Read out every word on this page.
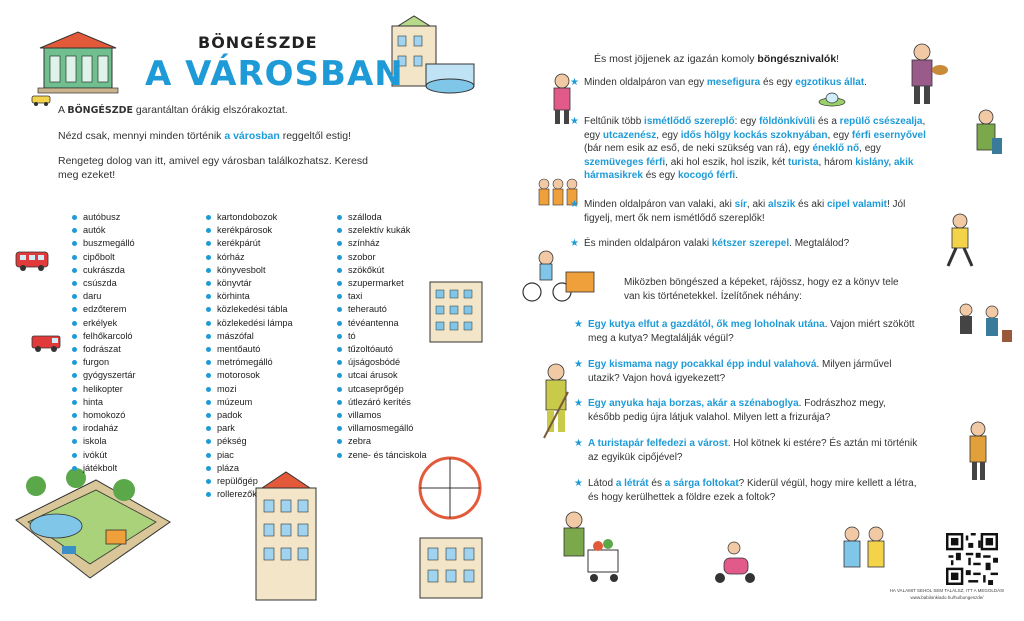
BÖNGÉSZDE
A VÁROSBAN

A BÖNGÉSZDE garantáltan órákig elszórakoztat.

Nézd csak, mennyi minden történik a városban reggeltől estig!

Rengeteg dolog van itt, amivel egy városban találkozhatsz. Keresd meg ezeket!

autóbusz
autók
buszmegálló
cipőbolt
cukrászda
csúszda
daru
edzőterem
erkélyek
felhőkarcoló
fodrászat
furgon
gyógyszertár
helikopter
hinta
homokozó
irodaház
iskola
ivókút
játékbolt
kartondobozok
kerékpárosok
kerékpárút
kórház
könyvesbolt
könyvtár
körhinta
közlekedési tábla
közlekedési lámpa
mászófal
mentőautó
metrómegálló
motorosok
mozi
múzeum
padok
park
pékség
piac
pláza
repülőgép
rollerezők
szálloda
szelektív kukák
színház
szobor
szökőkút
szupermarket
taxi
teherautó
tévéantenna
tó
tűzoltóautó
újságosbódé
utcai árusok
utcaseprőgép
útlezáró kerítés
villamos
villamosmegálló
zebra
zene- és tánciskola
És most jöjjenek az igazán komoly böngésznivalók!
★ Minden oldalpáron van egy mesefigura és egy egzotikus állat.
★ Feltűnik több ismétlődő szereplő: egy földönkívüli és a repülő csészealja, egy utcazenész, egy idős hölgy kockás szoknyában, egy férfi esernyővel (bár nem esik az eső, de neki szükség van rá), egy éneklő nő, egy szemüveges férfi, aki hol eszik, hol iszik, két turista, három kislány, akik hármasikrek és egy kocogó férfi.
★ Minden oldalpáron van valaki, aki sír, aki alszik és aki cipel valamit! Jól figyelj, mert ők nem ismétlődő szereplők!
★ És minden oldalpáron valaki kétszer szerepel. Megtalálod?
Miközben böngészed a képeket, rájössz, hogy ez a könyv tele van kis történetekkel. Ízelítőnek néhány:
★ Egy kutya elfut a gazdától, ők meg loholnak utána. Vajon miért szökött meg a kutya? Megtalálják végül?
★ Egy kismama nagy pocakkal épp indul valahová. Milyen járművel utazik? Vajon hová igyekezett?
★ Egy anyuka haja borzas, akár a szénaboglya. Fodrászhoz megy, később pedig újra látjuk valahol. Milyen lett a frizurája?
★ A turistapár felfedezi a várost. Hol kötnek ki estére? És aztán mi történik az egyikük cipőjével?
★ Látod a létrát és a sárga foltokat? Kiderül végül, hogy mire kellett a létra, és hogy kerülhettek a földre ezek a foltok?
HA VALAMIT SEHOL SEM TALÁLSZ, ITT A MEGOLDÁS!
www.babilonkiado.hu/hu/bongeszde/
